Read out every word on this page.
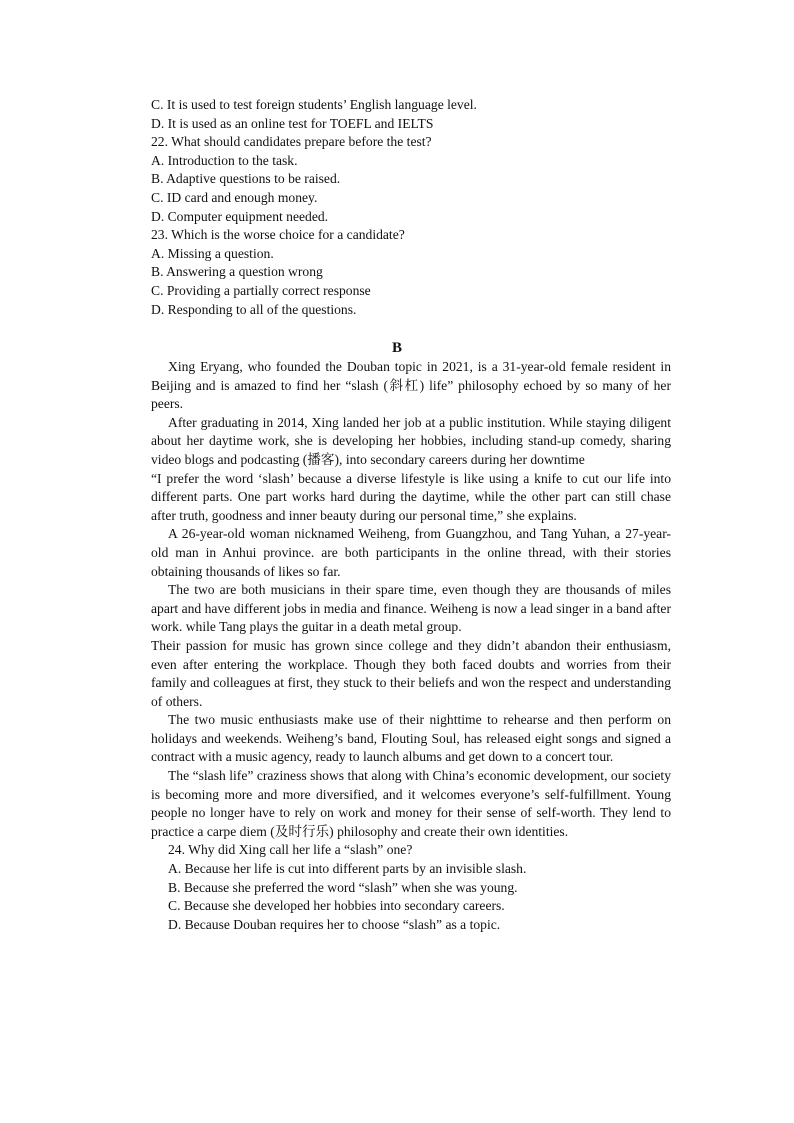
C. It is used to test foreign students’ English language level.
D. It is used as an online test for TOEFL and IELTS
22. What should candidates prepare before the test?
A. Introduction to the task.
B. Adaptive questions to be raised.
C. ID card and enough money.
D. Computer equipment needed.
23. Which is the worse choice for a candidate?
A. Missing a question.
B. Answering a question wrong
C. Providing a partially correct response
D. Responding to all of the questions.
B

Xing Eryang, who founded the Douban topic in 2021, is a 31-year-old female resident in Beijing and is amazed to find her “slash (斜杠) life” philosophy echoed by so many of her peers.

After graduating in 2014, Xing landed her job at a public institution. While staying diligent about her daytime work, she is developing her hobbies, including stand-up comedy, sharing video blogs and podcasting (播客), into secondary careers during her downtime

“I prefer the word ‘slash’ because a diverse lifestyle is like using a knife to cut our life into different parts. One part works hard during the daytime, while the other part can still chase after truth, goodness and inner beauty during our personal time,” she explains.

A 26-year-old woman nicknamed Weiheng, from Guangzhou, and Tang Yuhan, a 27-year-old man in Anhui province. are both participants in the online thread, with their stories obtaining thousands of likes so far.

The two are both musicians in their spare time, even though they are thousands of miles apart and have different jobs in media and finance. Weiheng is now a lead singer in a band after work. while Tang plays the guitar in a death metal group.

Their passion for music has grown since college and they didn’t abandon their enthusiasm, even after entering the workplace. Though they both faced doubts and worries from their family and colleagues at first, they stuck to their beliefs and won the respect and understanding of others.

The two music enthusiasts make use of their nighttime to rehearse and then perform on holidays and weekends. Weiheng’s band, Flouting Soul, has released eight songs and signed a contract with a music agency, ready to launch albums and get down to a concert tour.

The “slash life” craziness shows that along with China’s economic development, our society is becoming more and more diversified, and it welcomes everyone’s self-fulfillment. Young people no longer have to rely on work and money for their sense of self-worth. They lend to practice a carpe diem (及时行乐) philosophy and create their own identities.

24. Why did Xing call her life a “slash” one?
A. Because her life is cut into different parts by an invisible slash.
B. Because she preferred the word “slash” when she was young.
C. Because she developed her hobbies into secondary careers.
D. Because Douban requires her to choose “slash” as a topic.
